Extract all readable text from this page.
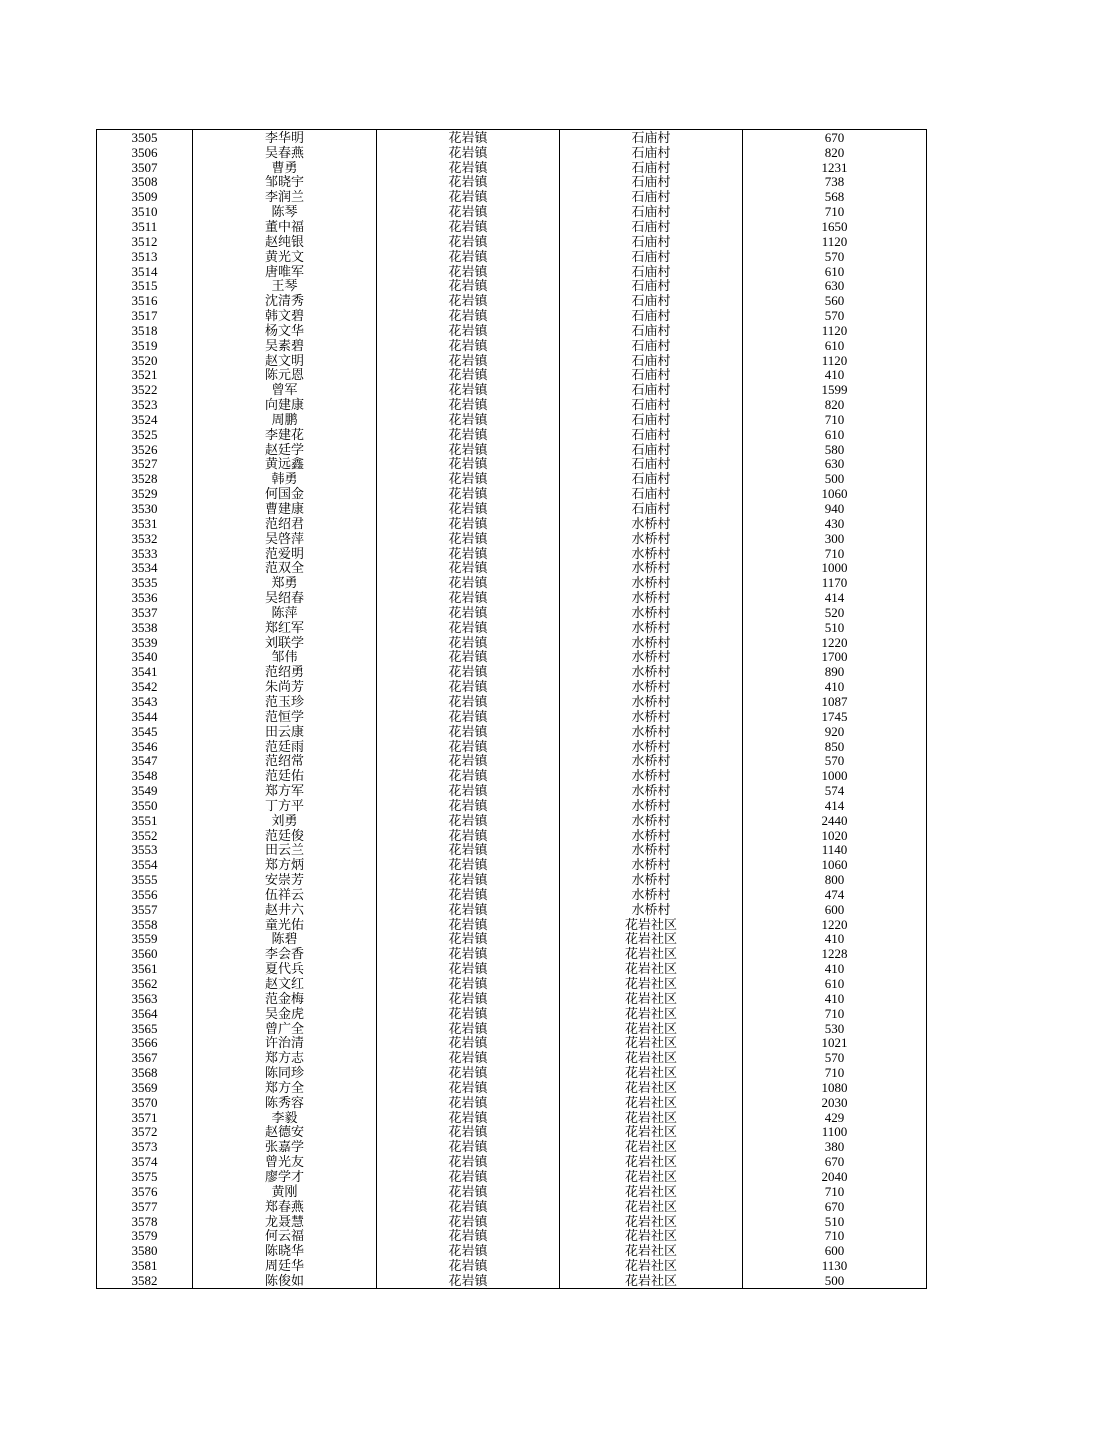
3505	李华明	花岩镇	石庙村	670
3506	吴春燕	花岩镇	石庙村	820
3507	曹勇	花岩镇	石庙村	1231
3508	邹晓宇	花岩镇	石庙村	738
3509	李润兰	花岩镇	石庙村	568
3510	陈琴	花岩镇	石庙村	710
3511	董中福	花岩镇	石庙村	1650
3512	赵纯银	花岩镇	石庙村	1120
3513	黄光文	花岩镇	石庙村	570
3514	唐唯军	花岩镇	石庙村	610
3515	王琴	花岩镇	石庙村	630
3516	沈清秀	花岩镇	石庙村	560
3517	韩文碧	花岩镇	石庙村	570
3518	杨文华	花岩镇	石庙村	1120
3519	吴素碧	花岩镇	石庙村	610
3520	赵文明	花岩镇	石庙村	1120
3521	陈元恩	花岩镇	石庙村	410
3522	曾军	花岩镇	石庙村	1599
3523	向建康	花岩镇	石庙村	820
3524	周鹏	花岩镇	石庙村	710
3525	李建花	花岩镇	石庙村	610
3526	赵廷学	花岩镇	石庙村	580
3527	黄远鑫	花岩镇	石庙村	630
3528	韩勇	花岩镇	石庙村	500
3529	何国金	花岩镇	石庙村	1060
3530	曹建康	花岩镇	石庙村	940
3531	范绍君	花岩镇	水桥村	430
3532	吴啓萍	花岩镇	水桥村	300
3533	范爱明	花岩镇	水桥村	710
3534	范双全	花岩镇	水桥村	1000
3535	郑勇	花岩镇	水桥村	1170
3536	吴绍春	花岩镇	水桥村	414
3537	陈萍	花岩镇	水桥村	520
3538	郑红军	花岩镇	水桥村	510
3539	刘联学	花岩镇	水桥村	1220
3540	邹伟	花岩镇	水桥村	1700
3541	范绍勇	花岩镇	水桥村	890
3542	朱尚芳	花岩镇	水桥村	410
3543	范玉珍	花岩镇	水桥村	1087
3544	范恒学	花岩镇	水桥村	1745
3545	田云康	花岩镇	水桥村	920
3546	范廷雨	花岩镇	水桥村	850
3547	范绍常	花岩镇	水桥村	570
3548	范廷佑	花岩镇	水桥村	1000
3549	郑方军	花岩镇	水桥村	574
3550	丁方平	花岩镇	水桥村	414
3551	刘勇	花岩镇	水桥村	2440
3552	范廷俊	花岩镇	水桥村	1020
3553	田云兰	花岩镇	水桥村	1140
3554	郑方炳	花岩镇	水桥村	1060
3555	安崇芳	花岩镇	水桥村	800
3556	伍祥云	花岩镇	水桥村	474
3557	赵井六	花岩镇	水桥村	600
3558	童光佑	花岩镇	花岩社区	1220
3559	陈碧	花岩镇	花岩社区	410
3560	李会香	花岩镇	花岩社区	1228
3561	夏代兵	花岩镇	花岩社区	410
3562	赵文红	花岩镇	花岩社区	610
3563	范金梅	花岩镇	花岩社区	410
3564	吴金虎	花岩镇	花岩社区	710
3565	曾广全	花岩镇	花岩社区	530
3566	许治清	花岩镇	花岩社区	1021
3567	郑方志	花岩镇	花岩社区	570
3568	陈同珍	花岩镇	花岩社区	710
3569	郑方全	花岩镇	花岩社区	1080
3570	陈秀容	花岩镇	花岩社区	2030
3571	李毅	花岩镇	花岩社区	429
3572	赵德安	花岩镇	花岩社区	1100
3573	张嘉学	花岩镇	花岩社区	380
3574	曾光友	花岩镇	花岩社区	670
3575	廖学才	花岩镇	花岩社区	2040
3576	黄刚	花岩镇	花岩社区	710
3577	郑春燕	花岩镇	花岩社区	670
3578	龙聂慧	花岩镇	花岩社区	510
3579	何云福	花岩镇	花岩社区	710
3580	陈晓华	花岩镇	花岩社区	600
3581	周廷华	花岩镇	花岩社区	1130
3582	陈俊如	花岩镇	花岩社区	500
